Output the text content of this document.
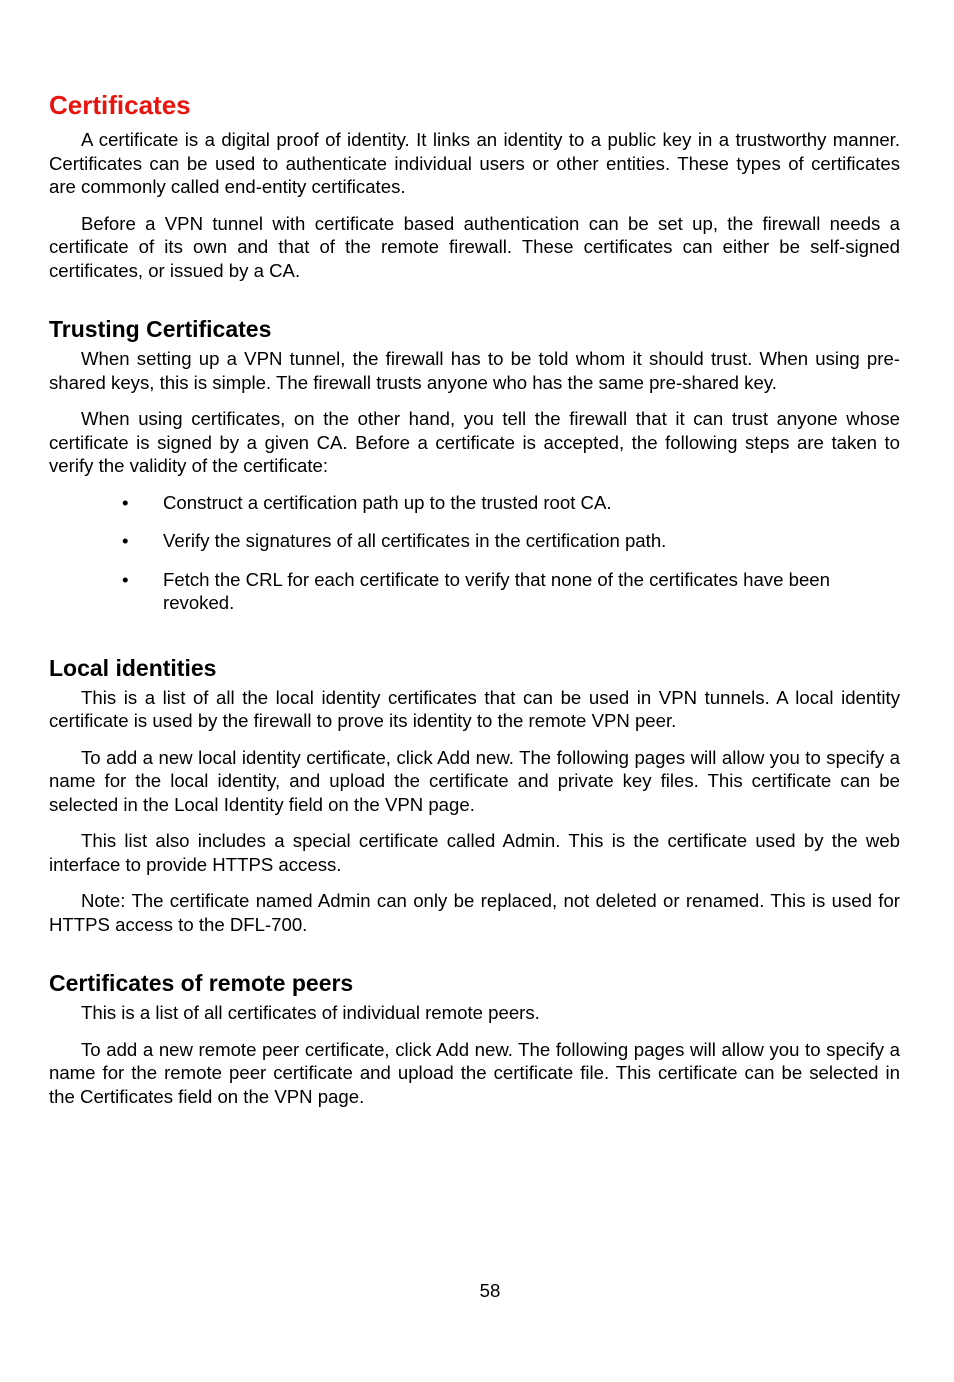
Certificates

A certificate is a digital proof of identity. It links an identity to a public key in a trustworthy manner. Certificates can be used to authenticate individual users or other entities. These types of certificates are commonly called end-entity certificates.

Before a VPN tunnel with certificate based authentication can be set up, the firewall needs a certificate of its own and that of the remote firewall. These certificates can either be self-signed certificates, or issued by a CA.

Trusting Certificates

When setting up a VPN tunnel, the firewall has to be told whom it should trust. When using pre-shared keys, this is simple. The firewall trusts anyone who has the same pre-shared key.

When using certificates, on the other hand, you tell the firewall that it can trust anyone whose certificate is signed by a given CA. Before a certificate is accepted, the following steps are taken to verify the validity of the certificate:

• Construct a certification path up to the trusted root CA.
• Verify the signatures of all certificates in the certification path.
• Fetch the CRL for each certificate to verify that none of the certificates have been revoked.
Local identities

This is a list of all the local identity certificates that can be used in VPN tunnels. A local identity certificate is used by the firewall to prove its identity to the remote VPN peer.

To add a new local identity certificate, click Add new. The following pages will allow you to specify a name for the local identity, and upload the certificate and private key files. This certificate can be selected in the Local Identity field on the VPN page.

This list also includes a special certificate called Admin. This is the certificate used by the web interface to provide HTTPS access.

Note: The certificate named Admin can only be replaced, not deleted or renamed. This is used for HTTPS access to the DFL-700.

Certificates of remote peers

This is a list of all certificates of individual remote peers.

To add a new remote peer certificate, click Add new. The following pages will allow you to specify a name for the remote peer certificate and upload the certificate file. This certificate can be selected in the Certificates field on the VPN page.

58
